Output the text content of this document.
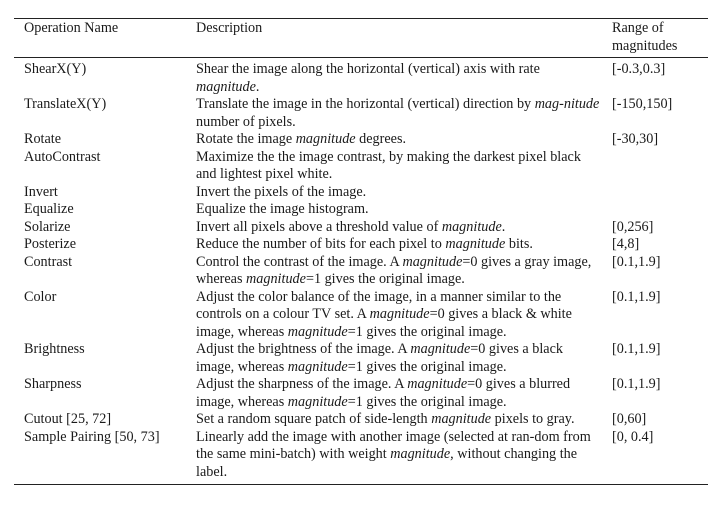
Operation Name	Description	Range of
magnitudes
ShearX(Y)	Shear the image along the horizontal (vertical) axis with rate magnitude.	[-0.3,0.3]
TranslateX(Y)	Translate the image in the horizontal (vertical) direction by mag-nitude number of pixels.	[-150,150]
Rotate	Rotate the image magnitude degrees.	[-30,30]
AutoContrast	Maximize the the image contrast, by making the darkest pixel black and lightest pixel white.	
Invert	Invert the pixels of the image.	
Equalize	Equalize the image histogram.	
Solarize	Invert all pixels above a threshold value of magnitude.	[0,256]
Posterize	Reduce the number of bits for each pixel to magnitude bits.	[4,8]
Contrast	Control the contrast of the image. A magnitude=0 gives a gray image, whereas magnitude=1 gives the original image.	[0.1,1.9]
Color	Adjust the color balance of the image, in a manner similar to the controls on a colour TV set. A magnitude=0 gives a black & white image, whereas magnitude=1 gives the original image.	[0.1,1.9]
Brightness	Adjust the brightness of the image. A magnitude=0 gives a black image, whereas magnitude=1 gives the original image.	[0.1,1.9]
Sharpness	Adjust the sharpness of the image. A magnitude=0 gives a blurred image, whereas magnitude=1 gives the original image.	[0.1,1.9]
Cutout [25, 72]	Set a random square patch of side-length magnitude pixels to gray.	[0,60]
Sample Pairing [50, 73]	Linearly add the image with another image (selected at ran-dom from the same mini-batch) with weight magnitude, without changing the label.	[0, 0.4]
